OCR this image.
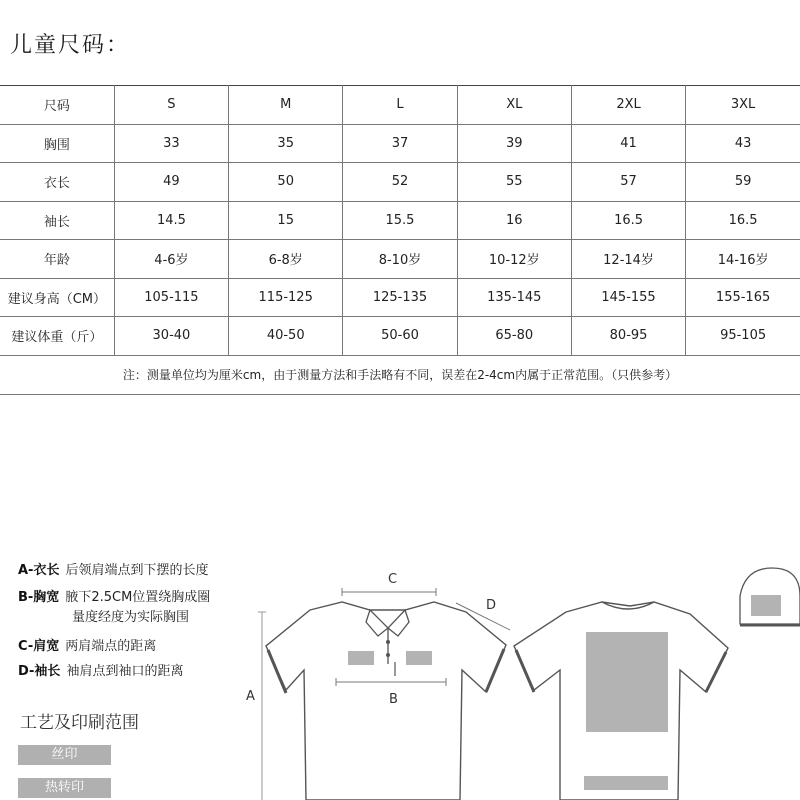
儿童尺码：
尺码	S	M	L	XL	2XL	3XL
胸围	33	35	37	39	41	43
衣长	49	50	52	55	57	59
袖长	14.5	15	15.5	16	16.5	16.5
年龄	4-6岁	6-8岁	8-10岁	10-12岁	12-14岁	14-16岁
建议身高（CM）	105-115	115-125	125-135	135-145	145-155	155-165
建议体重（斤）	30-40	40-50	50-60	65-80	80-95	95-105
注：测量单位均为厘米cm，由于测量方法和手法略有不同，误差在2-4cm内属于正常范围。（只供参考）						
A-衣长 后领肩端点到下摆的长度
B-胸宽 腋下2.5CM位置绕胸成圈
量度经度为实际胸围
C-肩宽 两肩端点的距离
D-袖长 袖肩点到袖口的距离
工艺及印刷范围
丝印
热转印
C
B
D
A
